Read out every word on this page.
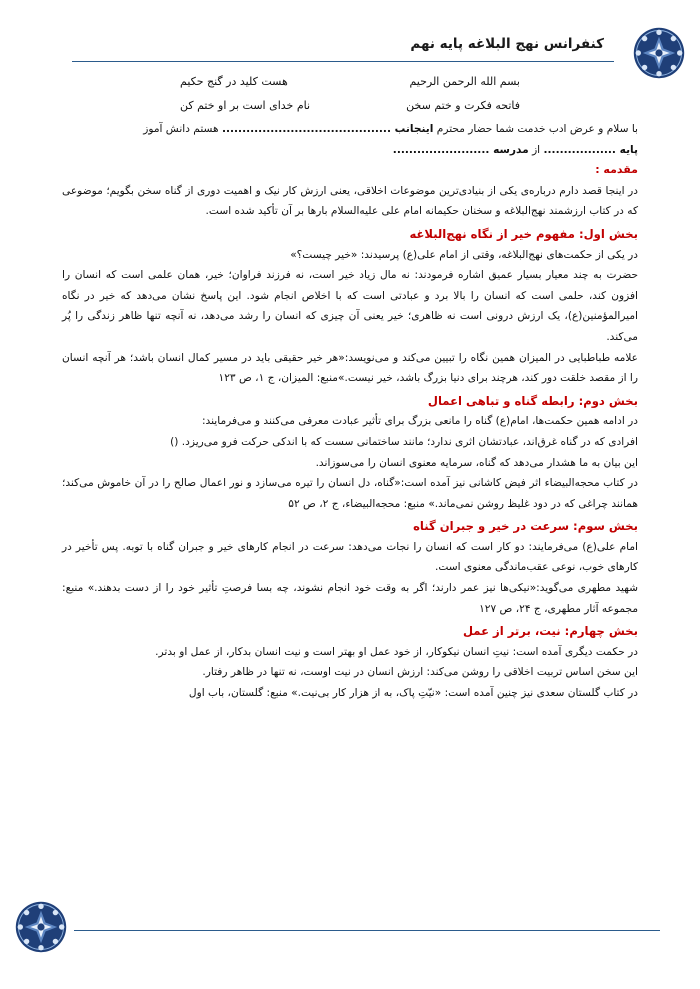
کنفرانس نهج البلاغه پایه نهم
بسم الله الرحمن الرحیم
هست کلید در گنج حکیم
فاتحه فکرت و ختم سخن
نام خدای است بر او ختم کن

با سلام و عرض ادب خدمت شما حضار محترم اینجانب .......................................... هستم دانش آموز
پایه .................. از مدرسه ........................

مقدمه :

در اینجا قصد دارم درباره‌ی یکی از بنیادی‌ترین موضوعات اخلاقی، یعنی ارزش کار نیک و اهمیت دوری از گناه سخن بگویم؛ موضوعی که در کتاب ارزشمند نهج‌البلاغه و سخنان حکیمانه امام علی علیه‌السلام بارها بر آن تأکید شده است.

بخش اول: مفهوم خیر از نگاه نهج‌البلاغه

در یکی از حکمت‌های نهج‌البلاغه، وقتی از امام علی(ع) پرسیدند: «خیر چیست؟»

حضرت به چند معیار بسیار عمیق اشاره فرمودند: نه مال زیاد خیر است، نه فرزند فراوان؛ خیر، همان علمی است که انسان را افزون کند، حلمی است که انسان را بالا برد و عبادتی است که با اخلاص انجام شود. این پاسخ نشان می‌دهد که خیر در نگاه امیرالمؤمنین(ع)، یک ارزش درونی است نه ظاهری؛ خیر یعنی آن چیزی که انسان را رشد می‌دهد، نه آنچه تنها ظاهر زندگی را پُر می‌کند.

علامه طباطبایی در المیزان همین نگاه را تبیین می‌کند و می‌نویسد:«هر خیر حقیقی باید در مسیر کمال انسان باشد؛ هر آنچه انسان را از مقصد خلقت دور کند، هرچند برای دنیا بزرگ باشد، خیر نیست.»منبع: المیزان، ج ۱، ص ۱۲۳

بخش دوم: رابطه گناه و تباهی اعمال

در ادامه همین حکمت‌ها، امام(ع) گناه را مانعی بزرگ برای تأثیر عبادت معرفی می‌کنند و می‌فرمایند:

افرادی که در گناه غرق‌اند، عبادتشان اثری ندارد؛ مانند ساختمانی سست که با اندکی حرکت فرو می‌ریزد. ()

این بیان به ما هشدار می‌دهد که گناه، سرمایه معنوی انسان را می‌سوزاند.

در کتاب محجه‌البیضاء اثر فیض کاشانی نیز آمده است:«گناه، دل انسان را تیره می‌سازد و نور اعمال صالح را در آن خاموش می‌کند؛ همانند چراغی که در دود غلیظ روشن نمی‌ماند.» منبع: محجه‌البیضاء، ج ۲، ص ۵۲

بخش سوم: سرعت در خیر و جبران گناه

امام علی(ع) می‌فرمایند: دو کار است که انسان را نجات می‌دهد: سرعت در انجام کارهای خیر و جبران گناه با توبه. پس تأخیر در کارهای خوب، نوعی عقب‌ماندگی معنوی است.

شهید مطهری می‌گوید:«نیکی‌ها نیز عمر دارند؛ اگر به وقت خود انجام نشوند، چه بسا فرصتِ تأثیر خود را از دست بدهند.» منبع: مجموعه آثار مطهری، ج ۲۴، ص ۱۲۷

بخش چهارم: نیت، برتر از عمل

در حکمت دیگری آمده است: نیتِ انسان نیکوکار، از خود عمل او بهتر است و نیت انسان بدکار، از عمل او بدتر.

این سخن اساس تربیت اخلاقی را روشن می‌کند: ارزش انسان در نیت اوست، نه تنها در ظاهر رفتار.

در کتاب گلستان سعدی نیز چنین آمده است: «نیّتِ پاک، به از هزار کار بی‌نیت.» منبع: گلستان، باب اول
